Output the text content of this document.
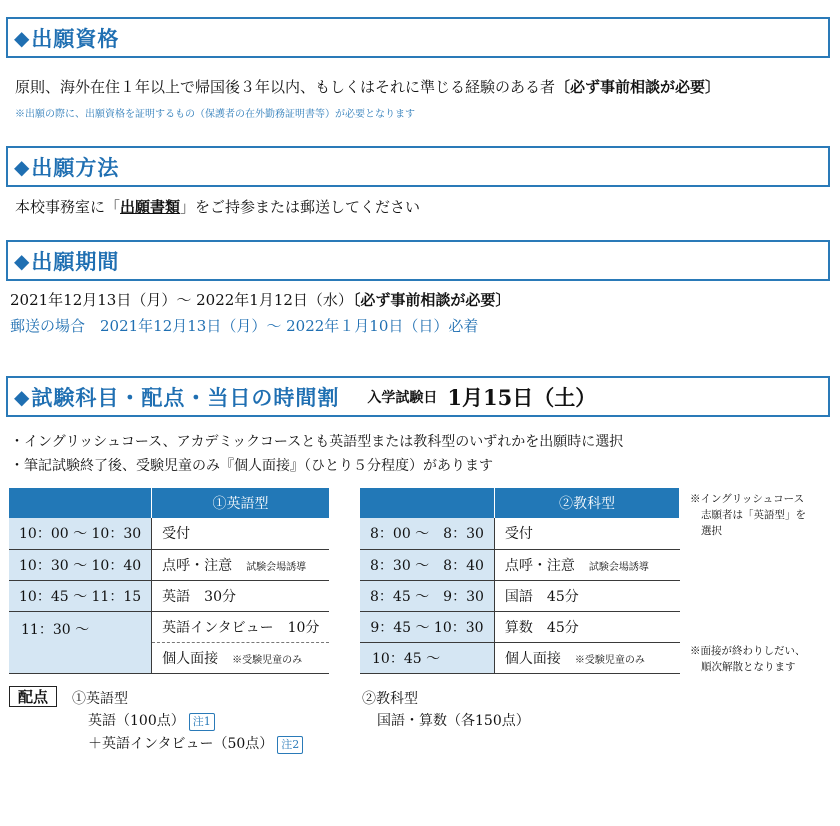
◆ 出願資格
原則、海外在住１年以上で帰国後３年以内、もしくはそれに準じる経験のある者〔必ず事前相談が必要〕
※出願の際に、出願資格を証明するもの（保護者の在外勤務証明書等）が必要となります
◆ 出願方法
本校事務室に「出願書類」をご持参または郵送してください
◆ 出願期間
2021年12月13日（月）〜 2022年1月12日（水）〔必ず事前相談が必要〕
郵送の場合　2021年12月13日（月）〜 2022年１月10日（日）必着
◆ 試験科目・配点・当日の時間割 入学試験日 1月15日（土）
・イングリッシュコース、アカデミックコースとも英語型または教科型のいずれかを出願時に選択
・筆記試験終了後、受験児童のみ『個人面接』（ひとり５分程度）があります
	①英語型
10：00 〜 10：30	受付
10：30 〜 10：40	点呼・注意 試験会場誘導
10：45 〜 11：15	英語　30分
11：30 〜	英語インタビュー　10分
	個人面接 ※受験児童のみ
	②教科型
8：00 〜　8：30	受付
8：30 〜　8：40	点呼・注意 試験会場誘導
8：45 〜　9：30	国語　45分
9：45 〜 10：30	算数　45分
10：45 〜	個人面接 ※受験児童のみ
※イングリッシュコース
志願者は「英語型」を
選択
※面接が終わりしだい、
順次解散となります
配点	①英語型
英語（100点） 注1
＋英語インタビュー（50点） 注2
②教科型
国語・算数（各150点）
